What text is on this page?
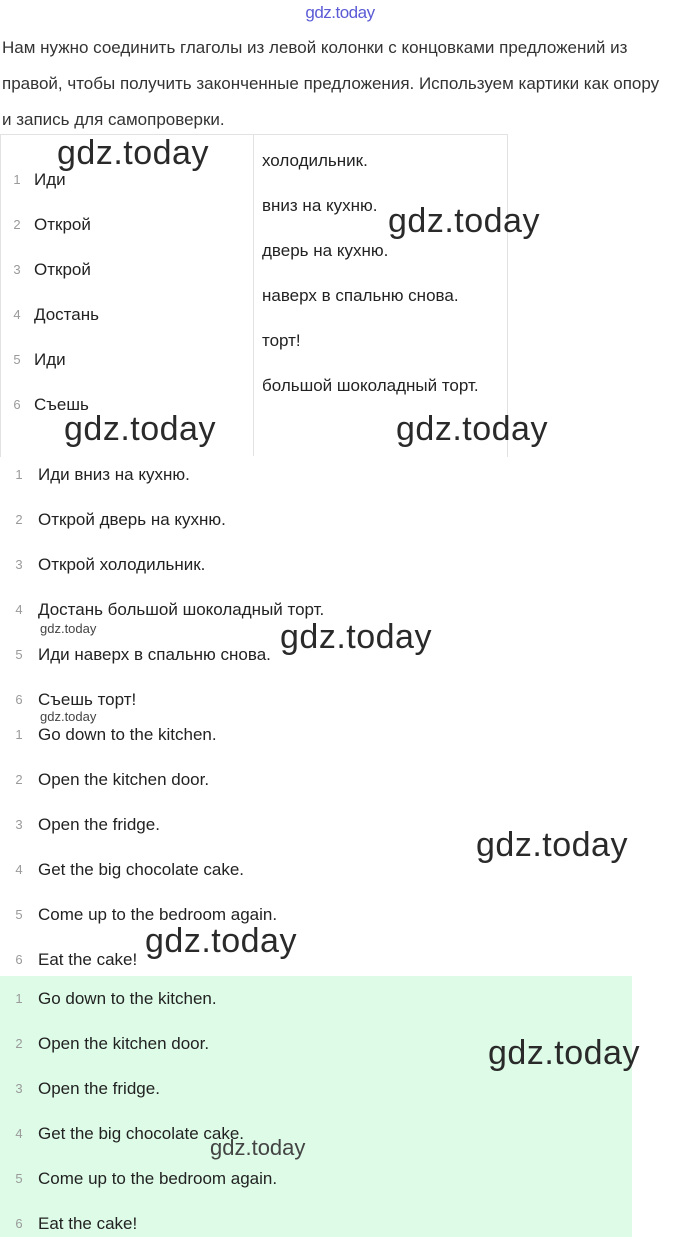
gdz.today
Нам нужно соединить глаголы из левой колонки с концовками предложений из правой, чтобы получить законченные предложения. Используем картики как опору и запись для самопроверки.
1 Иди
2 Открой
3 Открой
4 Достань
5 Иди
6 Съешь
холодильник.
вниз на кухню.
дверь на кухню.
наверх в спальню снова.
торт!
большой шоколадный торт.
1 Иди вниз на кухню.
2 Открой дверь на кухню.
3 Открой холодильник.
4 Достань большой шоколадный торт.
5 Иди наверх в спальню снова.
6 Съешь торт!
1 Go down to the kitchen.
2 Open the kitchen door.
3 Open the fridge.
4 Get the big chocolate cake.
5 Come up to the bedroom again.
6 Eat the cake!
1 Go down to the kitchen.
2 Open the kitchen door.
3 Open the fridge.
4 Get the big chocolate cake.
5 Come up to the bedroom again.
6 Eat the cake!
gdz.today
gdz.today
gdz.today	gdz.today
gdz.today	gdz.today
gdz.today
gdz.today
gdz.today
gdz.today
gdz.today
